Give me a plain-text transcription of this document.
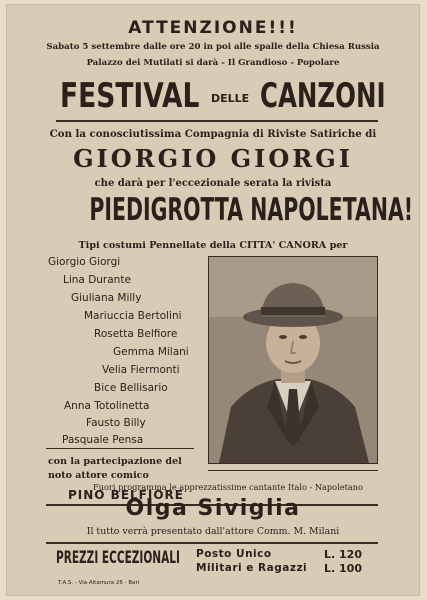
ATTENZIONE!!!
Sabato 5 settembre dalle ore 20 in poi alle spalle della Chiesa Russia
Palazzo dei Mutilati si darà - Il Grandioso - Popolare
FESTIVAL	DELLE CANZONI
Con la conosciutissima Compagnia di Riviste Satiriche di
GIORGIO GIORGI
che darà per l'eccezionale serata la rivista
PIEDIGROTTA NAPOLETANA!
Tipi costumi Pennellate della CITTA' CANORA per
Giorgio Giorgi
Lina Durante
Giuliana Milly
Mariuccia Bertolini
Rosetta Belfiore
Gemma Milani
Velia Fiermonti
Bice Bellisario
Anna Totolinetta
Fausto Billy
Pasquale Pensa
con la partecipazione del
noto attore comico
PINO BELFIORE
Fuori programma le apprezzatissime cantante Italo - Napoletano
Olga Siviglia
Il tutto verrà presentato dall'attore Comm. M. Milani
PREZZI ECCEZIONALI	Posto Unico	L. 120
Militari e Ragazzi L. 100
T.A.S. - Via Altamura 26 - Bari
